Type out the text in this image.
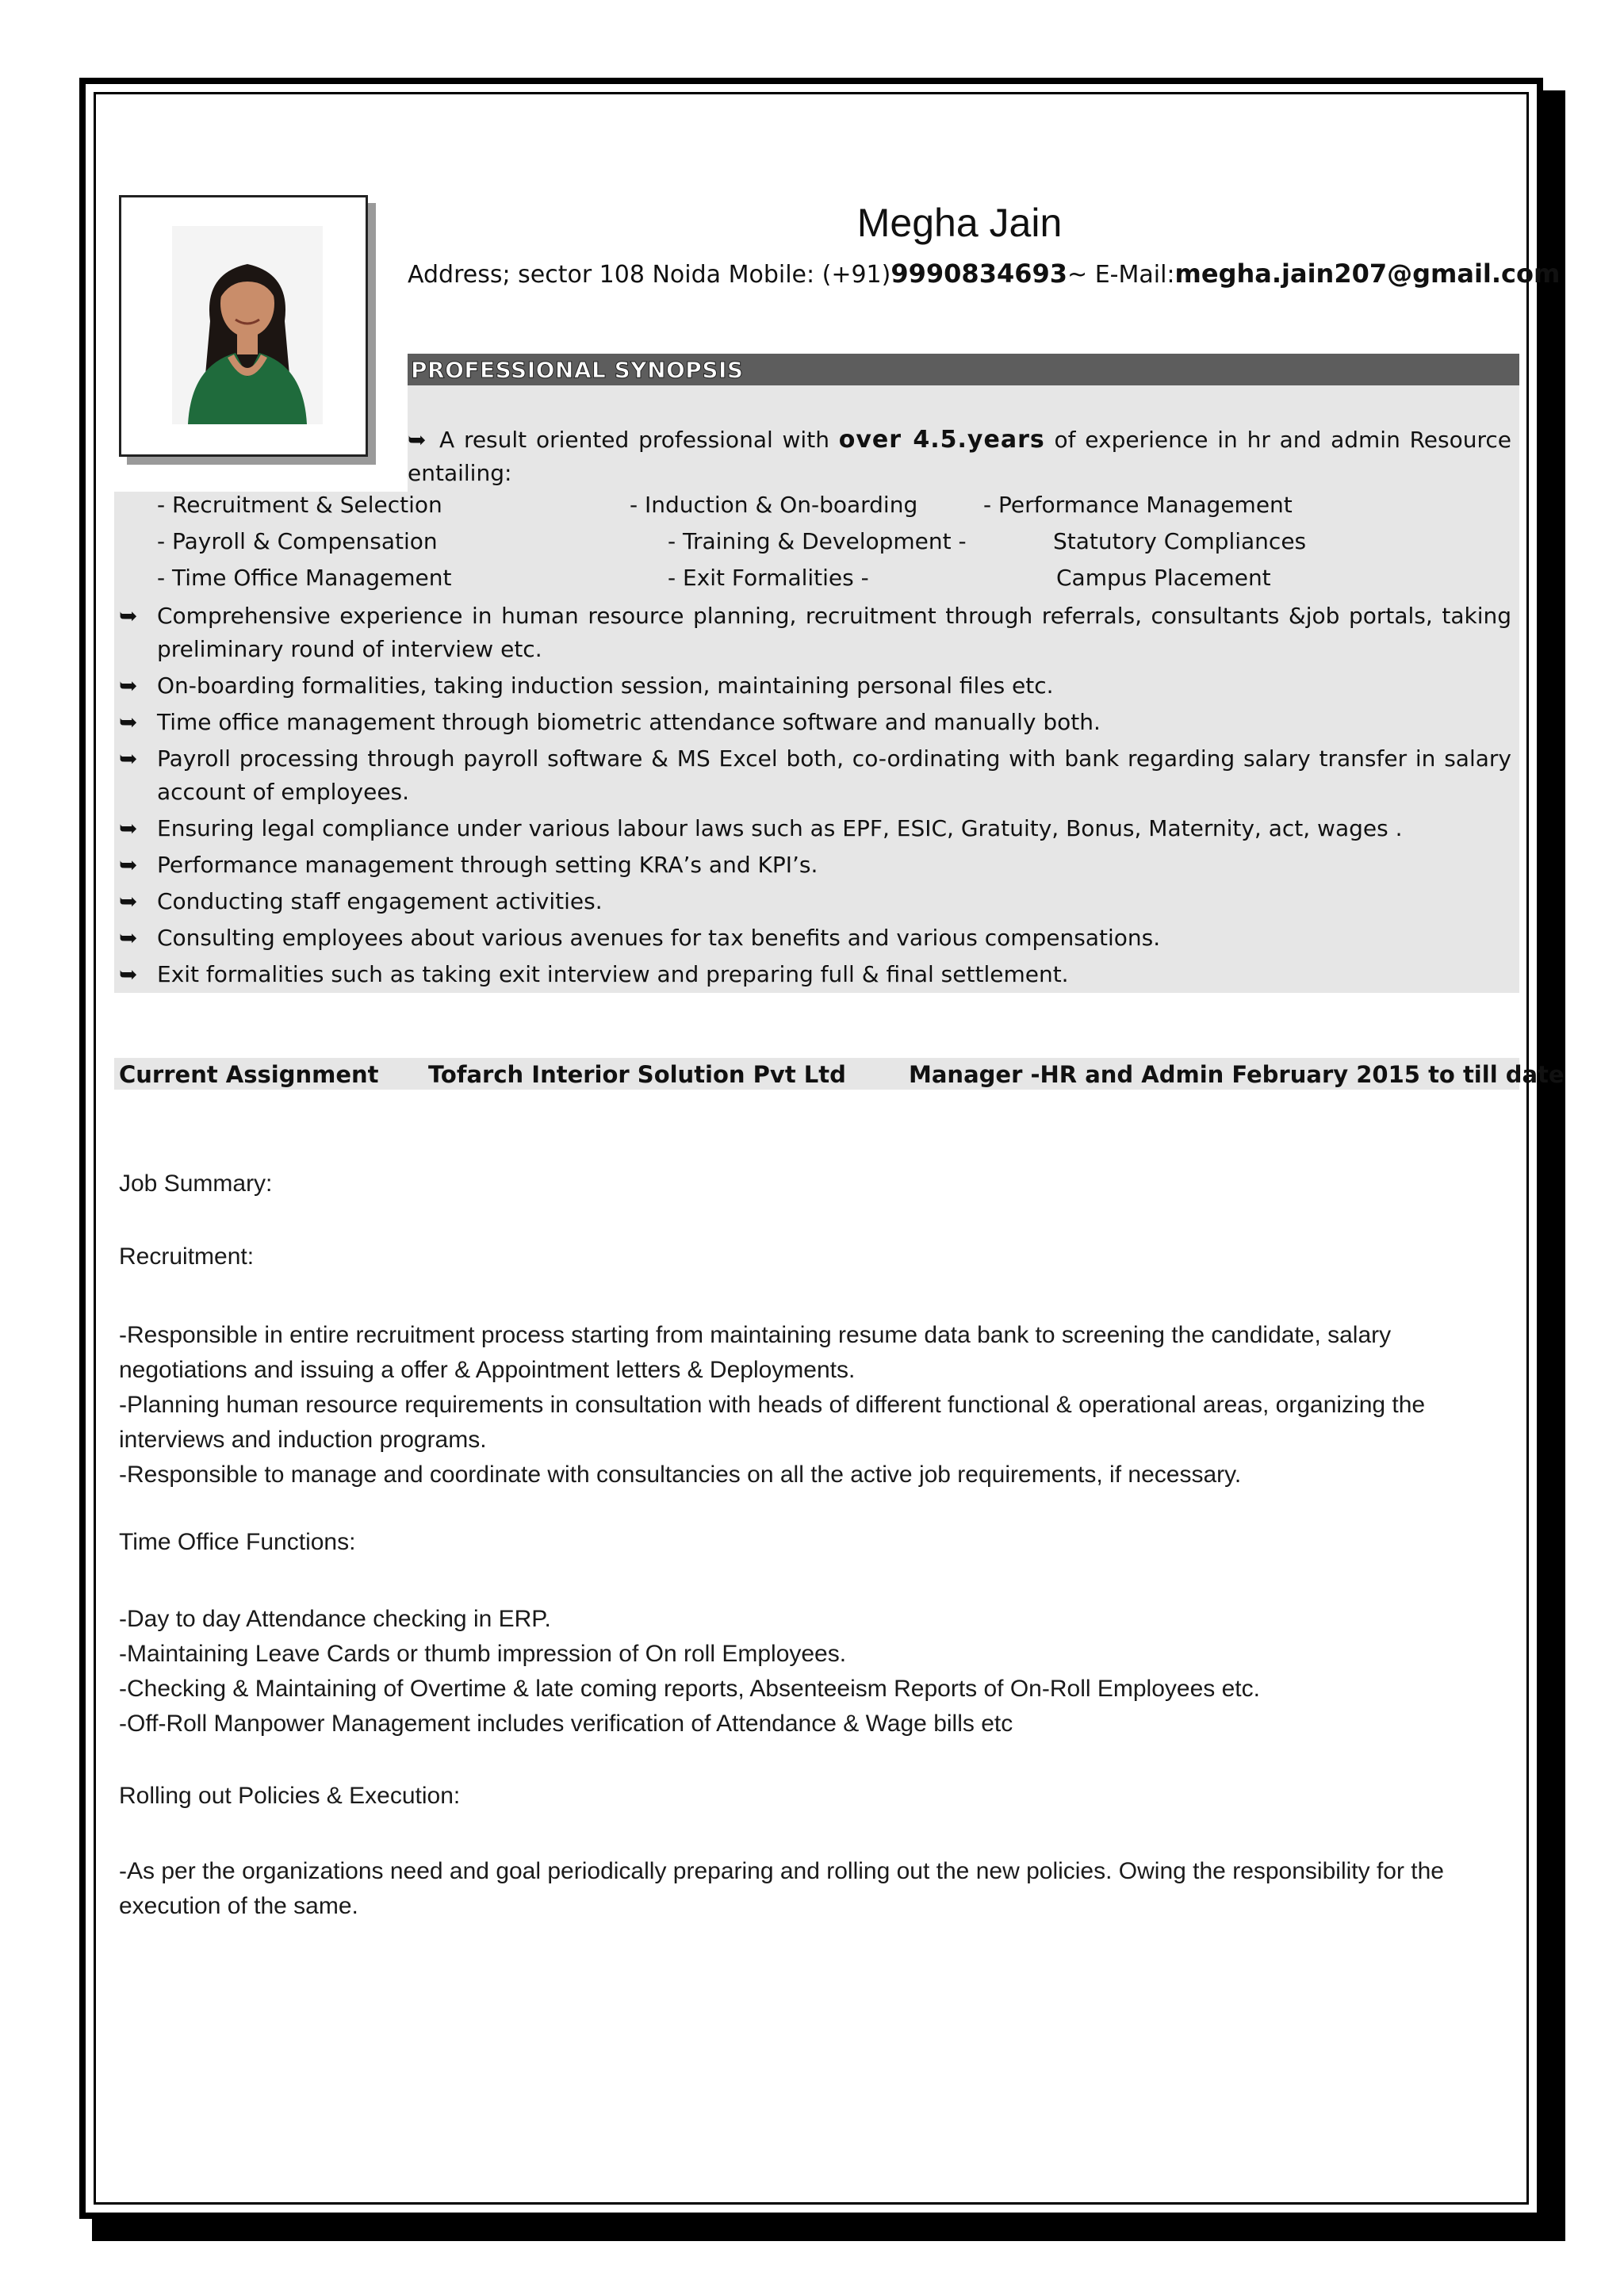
Megha Jain
Address; sector 108 Noida Mobile: (+91)9990834693~ E-Mail:megha.jain207@gmail.com
PROFESSIONAL SYNOPSIS
➥ A result oriented professional with over 4.5.years of experience in hr and admin Resource entailing:
- Recruitment & Selection	- Induction & On-boarding	- Performance Management
- Payroll & Compensation	- Training & Development -	Statutory Compliances
- Time Office Management	- Exit Formalities -	Campus Placement
➥ Comprehensive experience in human resource planning, recruitment through referrals, consultants &job portals, taking preliminary round of interview etc.
➥ On-boarding formalities, taking induction session, maintaining personal files etc.
➥ Time office management through biometric attendance software and manually both.
➥ Payroll processing through payroll software & MS Excel both, co-ordinating with bank regarding salary transfer in salary account of employees.
➥ Ensuring legal compliance under various labour laws such as EPF, ESIC, Gratuity, Bonus, Maternity, act, wages .
➥ Performance management through setting KRA’s and KPI’s.
➥ Conducting staff engagement activities.
➥ Consulting employees about various avenues for tax benefits and various compensations.
➥ Exit formalities such as taking exit interview and preparing full & final settlement.
Current Assignment Tofarch Interior Solution Pvt Ltd	Manager -HR and Admin February 2015 to till date
Job Summary:
Recruitment:
-Responsible in entire recruitment process starting from maintaining resume data bank to screening the candidate, salary negotiations and issuing a offer & Appointment letters & Deployments.
-Planning human resource requirements in consultation with heads of different functional & operational areas, organizing the interviews and induction programs.
-Responsible to manage and coordinate with consultancies on all the active job requirements, if necessary.
Time Office Functions:
-Day to day Attendance checking in ERP.
-Maintaining Leave Cards or thumb impression of On roll Employees.
-Checking & Maintaining of Overtime & late coming reports, Absenteeism Reports of On-Roll Employees etc.
-Off-Roll Manpower Management includes verification of Attendance & Wage bills etc
Rolling out Policies & Execution:
-As per the organizations need and goal periodically preparing and rolling out the new policies. Owing the responsibility for the execution of the same.
